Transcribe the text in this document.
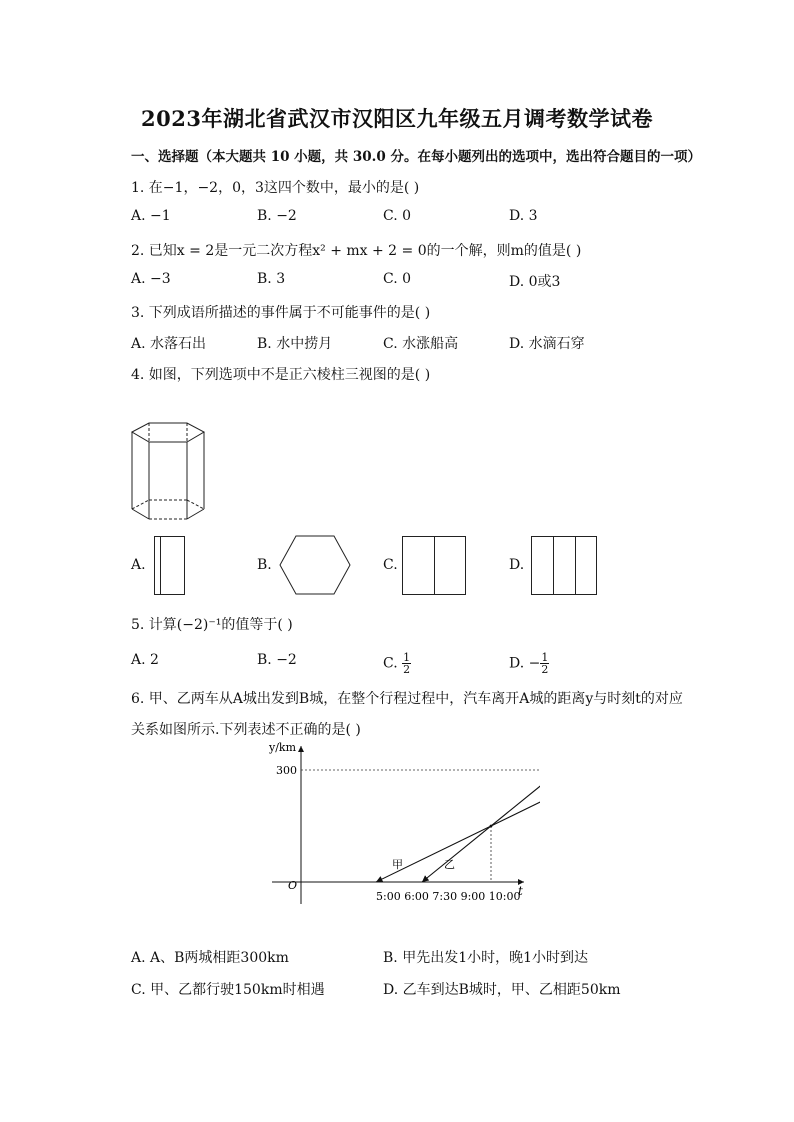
2023年湖北省武汉市汉阳区九年级五月调考数学试卷
一、选择题（本大题共 10 小题，共 30.0 分。在每小题列出的选项中，选出符合题目的一项）
1. 在−1，−2，0，3这四个数中，最小的是( )
A. −1	B. −2	C. 0	D. 3
2. 已知x = 2是一元二次方程x² + mx + 2 = 0的一个解，则m的值是( )
A. −3	B. 3	C. 0	D. 0或3
3. 下列成语所描述的事件属于不可能事件的是( )
A. 水落石出	B. 水中捞月	C. 水涨船高	D. 水滴石穿
4. 如图，下列选项中不是正六棱柱三视图的是( )
A.	B.	C.	D.
5. 计算(−2)⁻¹的值等于( )
A. 2	B. −2	C. $\frac{1}{2}$	D. − $\frac{1}{2}$
6. 甲、乙两车从A城出发到B城，在整个行程过程中，汽车离开A城的距离y与时刻t的对应
关系如图所示.下列表述不正确的是( )
y/km
t
O
300
5:00 6:00 7:30 9:00 10:00
甲	乙
A. A、B两城相距300km	B. 甲先出发1小时，晚1小时到达
C. 甲、乙都行驶150km时相遇	D. 乙车到达B城时，甲、乙相距50km
